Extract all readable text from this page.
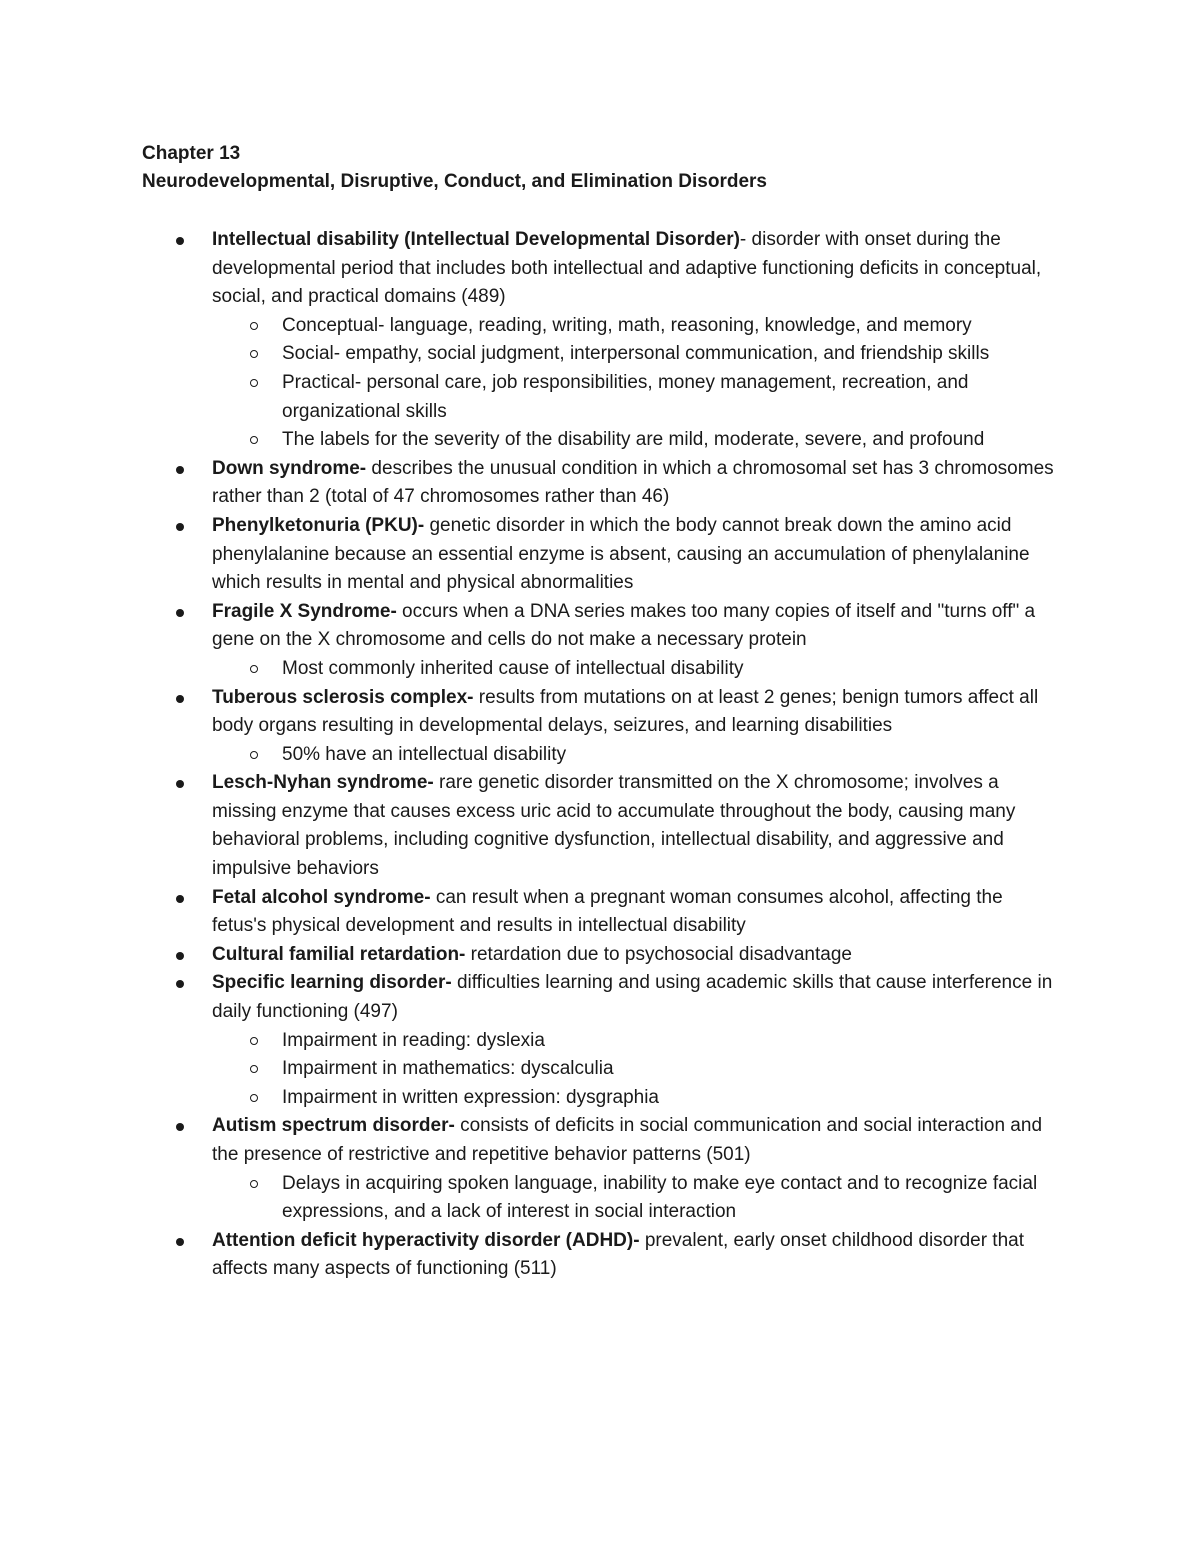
Chapter 13
Neurodevelopmental, Disruptive, Conduct, and Elimination Disorders
Intellectual disability (Intellectual Developmental Disorder)- disorder with onset during the developmental period that includes both intellectual and adaptive functioning deficits in conceptual, social, and practical domains (489)
Conceptual- language, reading, writing, math, reasoning, knowledge, and memory
Social- empathy, social judgment, interpersonal communication, and friendship skills
Practical- personal care, job responsibilities, money management, recreation, and organizational skills
The labels for the severity of the disability are mild, moderate, severe, and profound
Down syndrome- describes the unusual condition in which a chromosomal set has 3 chromosomes rather than 2 (total of 47 chromosomes rather than 46)
Phenylketonuria (PKU)- genetic disorder in which the body cannot break down the amino acid phenylalanine because an essential enzyme is absent, causing an accumulation of phenylalanine which results in mental and physical abnormalities
Fragile X Syndrome- occurs when a DNA series makes too many copies of itself and "turns off" a gene on the X chromosome and cells do not make a necessary protein
Most commonly inherited cause of intellectual disability
Tuberous sclerosis complex- results from mutations on at least 2 genes; benign tumors affect all body organs resulting in developmental delays, seizures, and learning disabilities
50% have an intellectual disability
Lesch-Nyhan syndrome- rare genetic disorder transmitted on the X chromosome; involves a missing enzyme that causes excess uric acid to accumulate throughout the body, causing many behavioral problems, including cognitive dysfunction, intellectual disability, and aggressive and impulsive behaviors
Fetal alcohol syndrome- can result when a pregnant woman consumes alcohol, affecting the fetus's physical development and results in intellectual disability
Cultural familial retardation- retardation due to psychosocial disadvantage
Specific learning disorder- difficulties learning and using academic skills that cause interference in daily functioning (497)
Impairment in reading: dyslexia
Impairment in mathematics: dyscalculia
Impairment in written expression: dysgraphia
Autism spectrum disorder- consists of deficits in social communication and social interaction and the presence of restrictive and repetitive behavior patterns (501)
Delays in acquiring spoken language, inability to make eye contact and to recognize facial expressions, and a lack of interest in social interaction
Attention deficit hyperactivity disorder (ADHD)- prevalent, early onset childhood disorder that affects many aspects of functioning (511)
